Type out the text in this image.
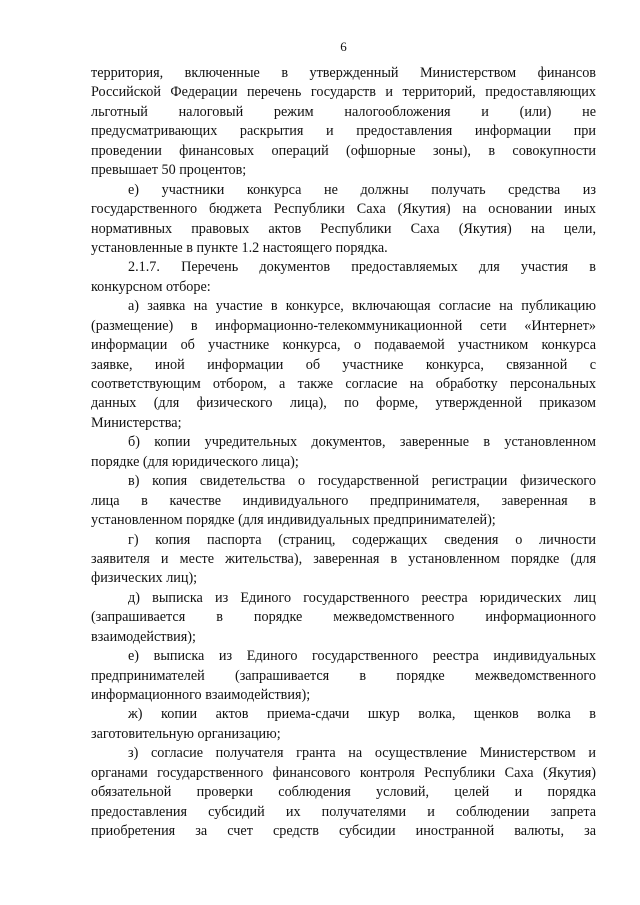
6
территория, включенные в утвержденный Министерством финансов
Российской Федерации перечень государств и территорий, предоставляющих
льготный налоговый режим налогообложения и (или) не
предусматривающих раскрытия и предоставления информации при
проведении финансовых операций (офшорные зоны), в совокупности
превышает 50 процентов;
е) участники конкурса не должны получать средства из
государственного бюджета Республики Саха (Якутия) на основании иных
нормативных правовых актов Республики Саха (Якутия) на цели,
установленные в пункте 1.2 настоящего порядка.
2.1.7. Перечень документов предоставляемых для участия в
конкурсном отборе:
а) заявка на участие в конкурсе, включающая согласие на публикацию
(размещение) в информационно-телекоммуникационной сети «Интернет»
информации об участнике конкурса, о подаваемой участником конкурса
заявке, иной информации об участнике конкурса, связанной с
соответствующим отбором, а также согласие на обработку персональных
данных (для физического лица), по форме, утвержденной приказом
Министерства;
б) копии учредительных документов, заверенные в установленном
порядке (для юридического лица);
в) копия свидетельства о государственной регистрации физического
лица в качестве индивидуального предпринимателя, заверенная в
установленном порядке (для индивидуальных предпринимателей);
г) копия паспорта (страниц, содержащих сведения о личности
заявителя и месте жительства), заверенная в установленном порядке (для
физических лиц);
д) выписка из Единого государственного реестра юридических лиц
(запрашивается в порядке межведомственного информационного
взаимодействия);
е) выписка из Единого государственного реестра индивидуальных
предпринимателей (запрашивается в порядке межведомственного
информационного взаимодействия);
ж) копии актов приема-сдачи шкур волка, щенков волка в
заготовительную организацию;
з) согласие получателя гранта на осуществление Министерством и
органами государственного финансового контроля Республики Саха (Якутия)
обязательной проверки соблюдения условий, целей и порядка
предоставления субсидий их получателями и соблюдении запрета
приобретения за счет средств субсидии иностранной валюты, за
